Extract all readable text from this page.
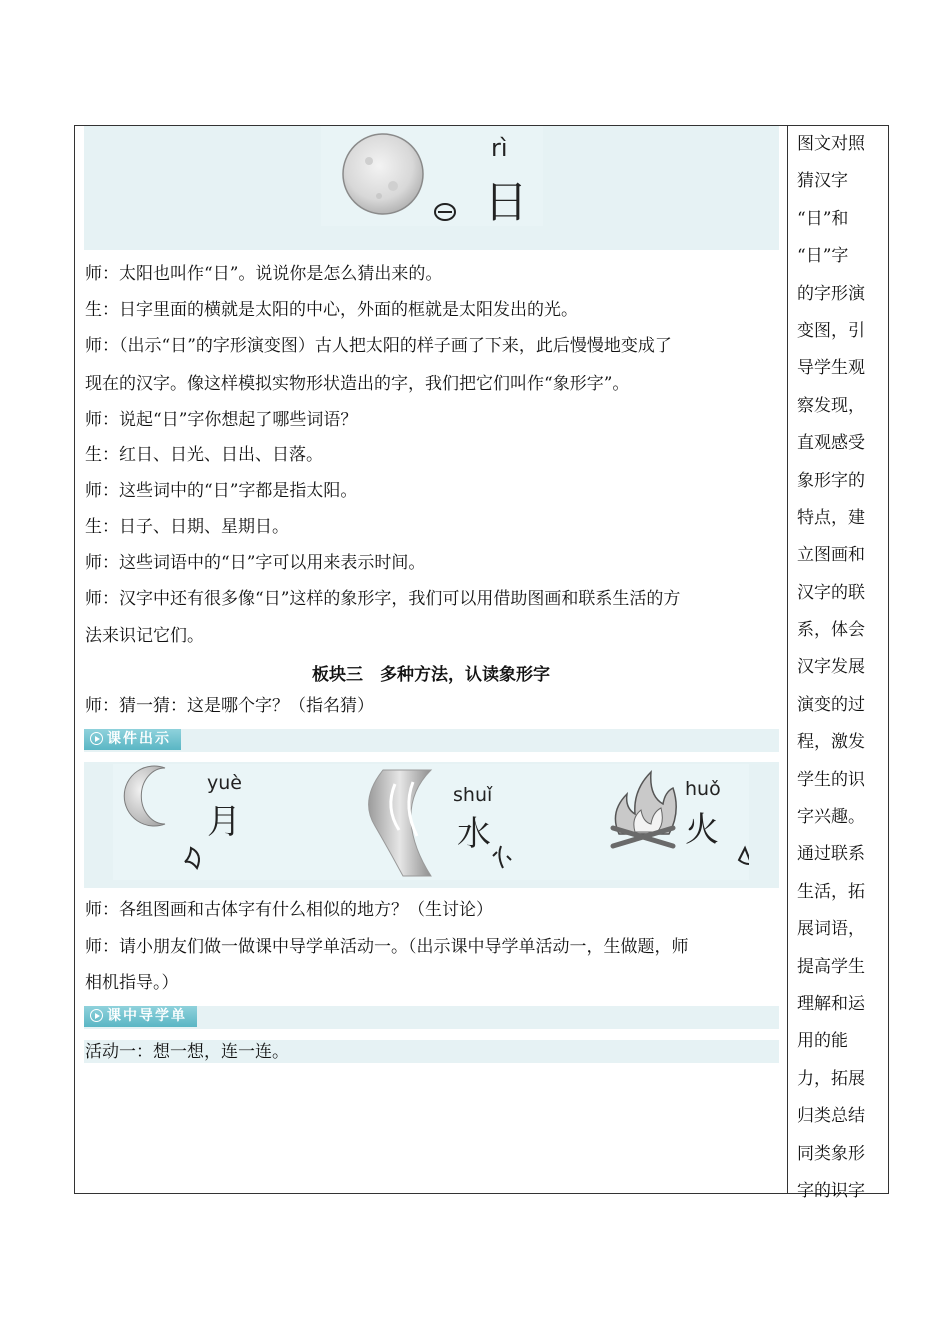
rì
日
师：太阳也叫作“日”。说说你是怎么猜出来的。
生：日字里面的横就是太阳的中心，外面的框就是太阳发出的光。
师：（出示“日”的字形演变图）古人把太阳的样子画了下来，此后慢慢地变成了
现在的汉字。像这样模拟实物形状造出的字，我们把它们叫作“象形字”。
师：说起“日”字你想起了哪些词语？
生：红日、日光、日出、日落。
师：这些词中的“日”字都是指太阳。
生：日子、日期、星期日。
师：这些词语中的“日”字可以用来表示时间。
师：汉字中还有很多像“日”这样的象形字，我们可以用借助图画和联系生活的方
法来识记它们。
板块三　多种方法，认读象形字
师：猜一猜：这是哪个字？（指名猜）
课件出示
yuè
月
shuǐ
水
huǒ
火
师：各组图画和古体字有什么相似的地方？（生讨论）
师：请小朋友们做一做课中导学单活动一。（出示课中导学单活动一，生做题，师
相机指导。）
课中导学单
活动一：想一想，连一连。
图文对照
猜汉字
“日”和
“日”字
的字形演
变图，引
导学生观
察发现，
直观感受
象形字的
特点，建
立图画和
汉字的联
系，体会
汉字发展
演变的过
程，激发
学生的识
字兴趣。
通过联系
生活，拓
展词语，
提高学生
理解和运
用的能
力，拓展
归类总结
同类象形
字的识字
